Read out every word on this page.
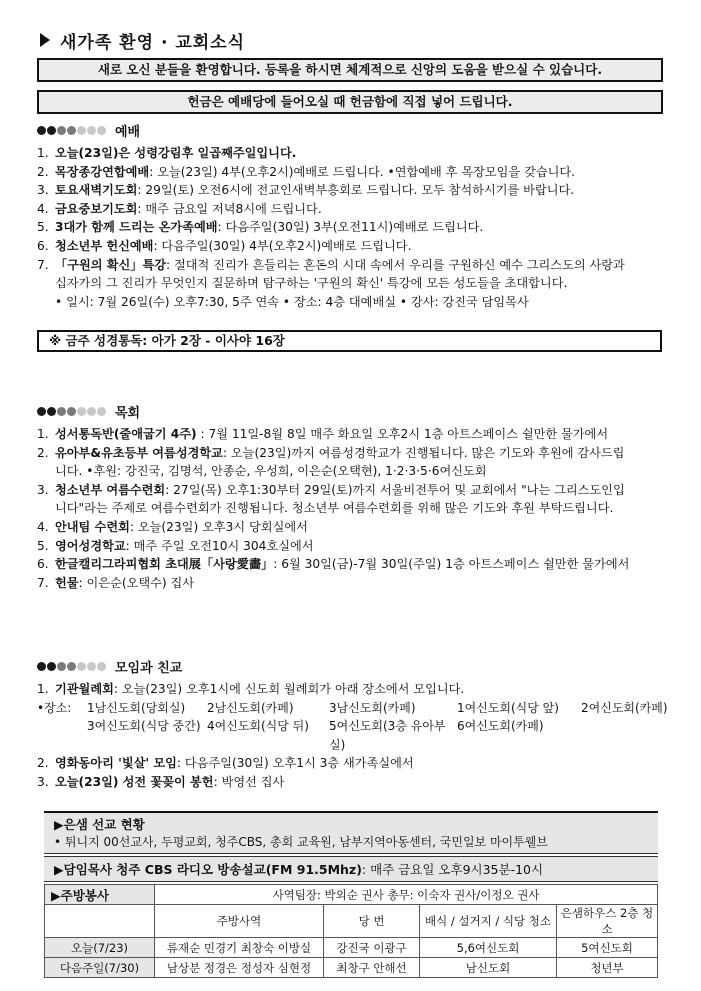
새가족 환영 · 교회소식
새로 오신 분들을 환영합니다. 등록을 하시면 체계적으로 신앙의 도움을 받으실 수 있습니다.
헌금은 예배당에 들어오실 때 헌금함에 직접 넣어 드립니다.
예배
1. 오늘(23일)은 성령강림후 일곱째주일입니다.
2. 목장종강연합예배: 오늘(23일) 4부(오후2시)예배로 드립니다. •연합예배 후 목장모임을 갖습니다.
3. 토요새벽기도회: 29일(토) 오전6시에 전교인새벽부흥회로 드립니다. 모두 참석하시기를 바랍니다.
4. 금요중보기도회: 매주 금요일 저녁8시에 드립니다.
5. 3대가 함께 드리는 온가족예배: 다음주일(30일) 3부(오전11시)예배로 드립니다.
6. 청소년부 헌신예배: 다음주일(30일) 4부(오후2시)예배로 드립니다.
7. 「구원의 확신」특강: 절대적 진리가 흔들리는 혼돈의 시대 속에서 우리를 구원하신 예수 그리스도의 사랑과
십자가의 그 진리가 무엇인지 질문하며 탐구하는 '구원의 확신' 특강에 모든 성도들을 초대합니다.
• 일시: 7월 26일(수) 오후7:30, 5주 연속 • 장소: 4층 대예배실 • 강사: 강진국 담임목사
※ 금주 성경통독: 아가 2장 - 이사야 16장
목회
1. 성서통독반(줄애굽기 4주) : 7월 11일-8월 8일 매주 화요일 오후2시 1층 아트스페이스 쉴만한 물가에서
2. 유아부&유초등부 여름성경학교: 오늘(23일)까지 여름성경학교가 진행됩니다. 많은 기도와 후원에 감사드립
니다. •후원: 강진국, 김명석, 안종순, 우성희, 이은순(오택현), 1·2·3·5·6여신도회
3. 청소년부 여름수련회: 27일(목) 오후1:30부터 29일(토)까지 서울비전투어 및 교회에서 "나는 그리스도인입
니다"라는 주제로 여름수련회가 진행됩니다. 청소년부 여름수련회를 위해 많은 기도와 후원 부탁드립니다.
4. 안내팀 수련회: 오늘(23일) 오후3시 당회실에서
5. 영어성경학교: 매주 주일 오전10시 304호실에서
6. 한글캘리그라피협회 초대展「사랑愛畵」: 6월 30일(금)-7월 30일(주일) 1층 아트스페이스 쉴만한 물가에서
7. 헌물: 이은순(오택수) 집사
모임과 친교
1. 기관월례회: 오늘(23일) 오후1시에 신도회 월례회가 아래 장소에서 모입니다.
•장소:	1남신도회(당회실)	2남신도회(카페)	3남신도회(카페)	1여신도회(식당 앞)	2여신도회(카페)
3여신도회(식당 중간) 4여신도회(식당 뒤)	5여신도회(3층 유아부실)
6여신도회(카페)
2. 영화동아리 '빛살' 모임: 다음주일(30일) 오후1시 3층 새가족실에서
3. 오늘(23일) 성전 꽃꽂이 봉헌: 박영선 집사
▶은샘 선교 현황
• 튀니지 00선교사, 두평교회, 청주CBS, 총회 교육원, 남부지역아동센터, 국민일보 마이투웰브
▶담임목사 청주 CBS 라디오 방송설교(FM 91.5Mhz): 매주 금요일 오후9시35분-10시
▶주방봉사	사역팀장: 박외순 권사 총무: 이숙자 권사/이정오 권사			
	주방사역	당 번	배식 / 설거지 / 식당 청소	은샘하우스 2층 청소
오늘(7/23)	류재순 민경기 최창숙 이방실	강진국 이광구	5,6여신도회	5여신도회
다음주일(7/30)	남상분 정경은 정성자 심현정	최창구 안해선	남신도회	청년부
